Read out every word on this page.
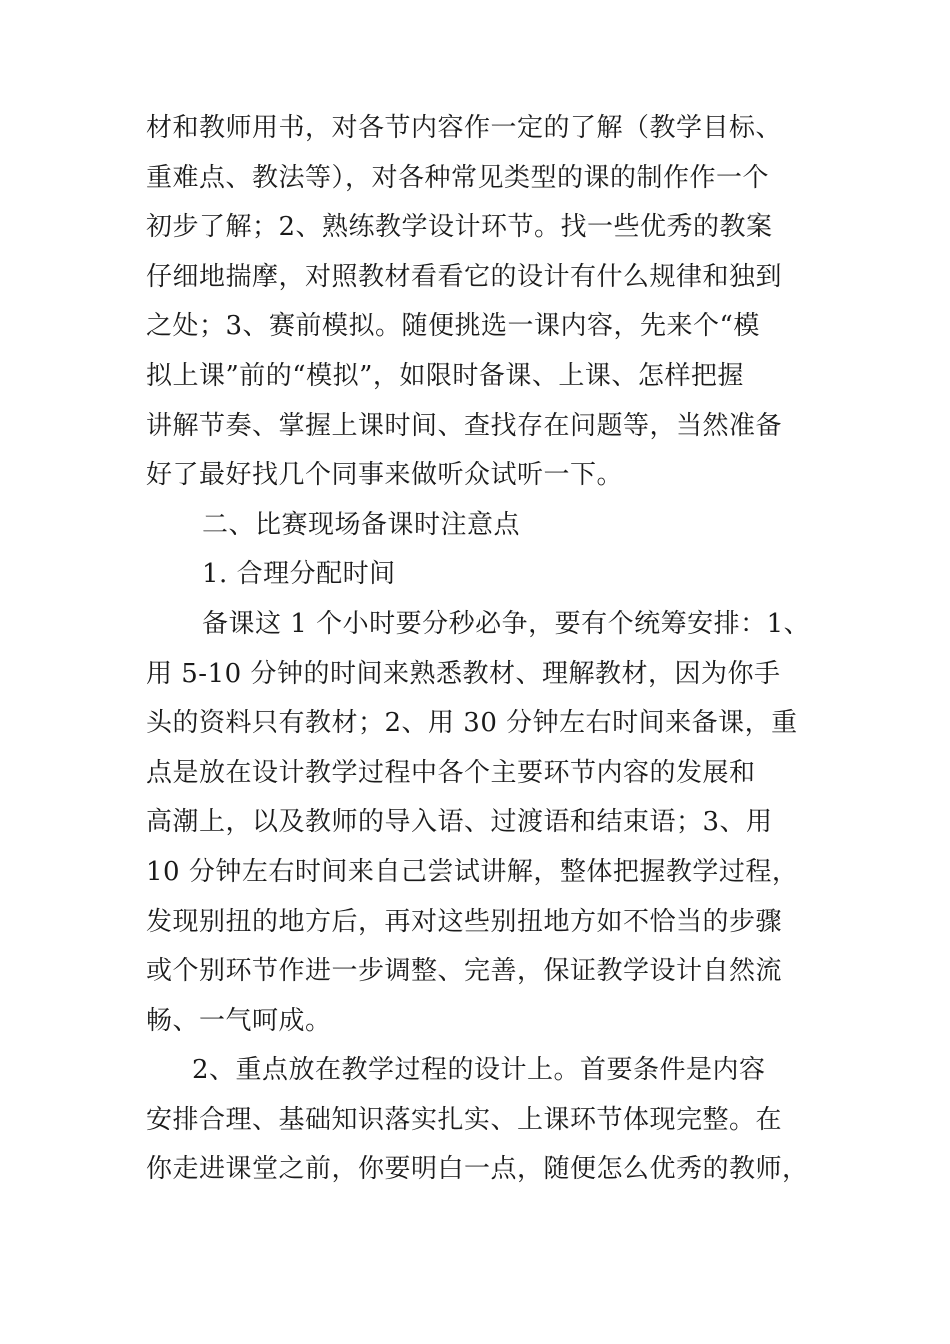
材和教师用书，对各节内容作一定的了解（教学目标、
重难点、教法等），对各种常见类型的课的制作作一个
初步了解；2、熟练教学设计环节。找一些优秀的教案
仔细地揣摩，对照教材看看它的设计有什么规律和独到
之处；3、赛前模拟。随便挑选一课内容，先来个“模
拟上课”前的“模拟”，如限时备课、上课、怎样把握
讲解节奏、掌握上课时间、查找存在问题等，当然准备
好了最好找几个同事来做听众试听一下。
二、比赛现场备课时注意点
1. 合理分配时间
备课这 1 个小时要分秒必争，要有个统筹安排：1、
用 5-10 分钟的时间来熟悉教材、理解教材，因为你手
头的资料只有教材；2、用 30 分钟左右时间来备课，重
点是放在设计教学过程中各个主要环节内容的发展和
高潮上，以及教师的导入语、过渡语和结束语；3、用
10 分钟左右时间来自己尝试讲解，整体把握教学过程，
发现别扭的地方后，再对这些别扭地方如不恰当的步骤
或个别环节作进一步调整、完善，保证教学设计自然流
畅、一气呵成。
2、重点放在教学过程的设计上。首要条件是内容
安排合理、基础知识落实扎实、上课环节体现完整。在
你走进课堂之前，你要明白一点，随便怎么优秀的教师，
